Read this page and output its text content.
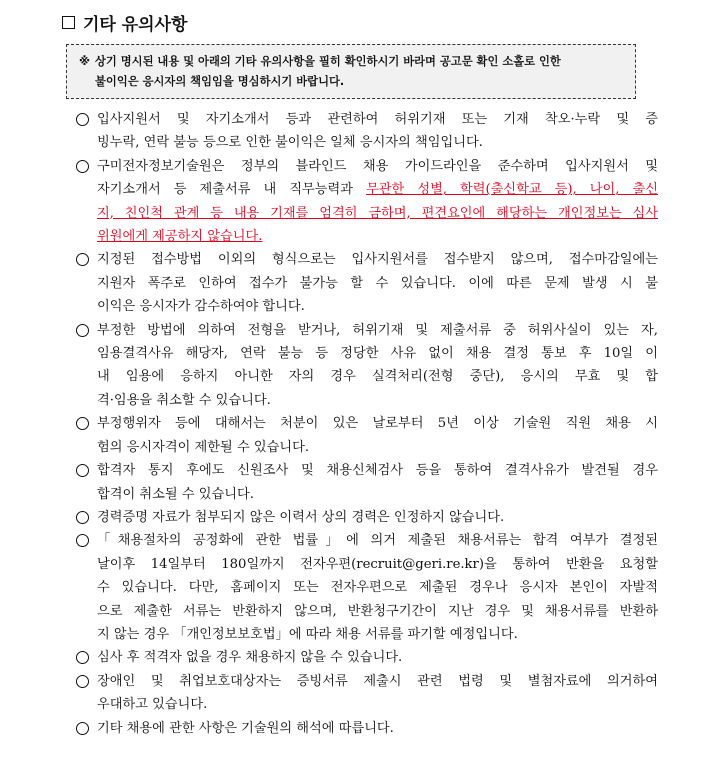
기타 유의사항
※ 상기 명시된 내용 및 아래의 기타 유의사항을 필히 확인하시기 바라며 공고문 확인 소홀로 인한
불이익은 응시자의 책임임을 명심하시기 바랍니다.
입사지원서 및 자기소개서 등과 관련하여 허위기재 또는 기재 착오·누락 및 증
빙누락, 연락 불능 등으로 인한 불이익은 일체 응시자의 책임입니다.
구미전자정보기술원은 정부의 블라인드 채용 가이드라인을 준수하며 입사지원서 및
자기소개서 등 제출서류 내 직무능력과 무관한 성별, 학력(출신학교 등), 나이, 출신
지, 친인척 관계 등 내용 기재를 엄격히 금하며, 편견요인에 해당하는 개인정보는 심사
위원에게 제공하지 않습니다.
지정된 접수방법 이외의 형식으로는 입사지원서를 접수받지 않으며, 접수마감일에는
지원자 폭주로 인하여 접수가 불가능 할 수 있습니다. 이에 따른 문제 발생 시 불
이익은 응시자가 감수하여야 합니다.
부정한 방법에 의하여 전형을 받거나, 허위기재 및 제출서류 중 허위사실이 있는 자,
임용결격사유 해당자, 연락 불능 등 정당한 사유 없이 채용 결정 통보 후 10일 이
내 임용에 응하지 아니한 자의 경우 실격처리(전형 중단), 응시의 무효 및 합
격·임용을 취소할 수 있습니다.
부정행위자 등에 대해서는 처분이 있은 날로부터 5년 이상 기술원 직원 채용 시
험의 응시자격이 제한될 수 있습니다.
합격자 통지 후에도 신원조사 및 채용신체검사 등을 통하여 결격사유가 발견될 경우
합격이 취소될 수 있습니다.
경력증명 자료가 첨부되지 않은 이력서 상의 경력은 인정하지 않습니다.
「채용절차의 공정화에 관한 법률」에 의거 제출된 채용서류는 합격 여부가 결정된
날이후 14일부터 180일까지 전자우편(recruit@geri.re.kr)을 통하여 반환을 요청할
수 있습니다. 다만, 홈페이지 또는 전자우편으로 제출된 경우나 응시자 본인이 자발적
으로 제출한 서류는 반환하지 않으며, 반환청구기간이 지난 경우 및 채용서류를 반환하
지 않는 경우 「개인정보보호법」에 따라 채용 서류를 파기할 예정입니다.
심사 후 적격자 없을 경우 채용하지 않을 수 있습니다.
장애인 및 취업보호대상자는 증빙서류 제출시 관련 법령 및 별첨자료에 의거하여
우대하고 있습니다.
기타 채용에 관한 사항은 기술원의 해석에 따릅니다.
